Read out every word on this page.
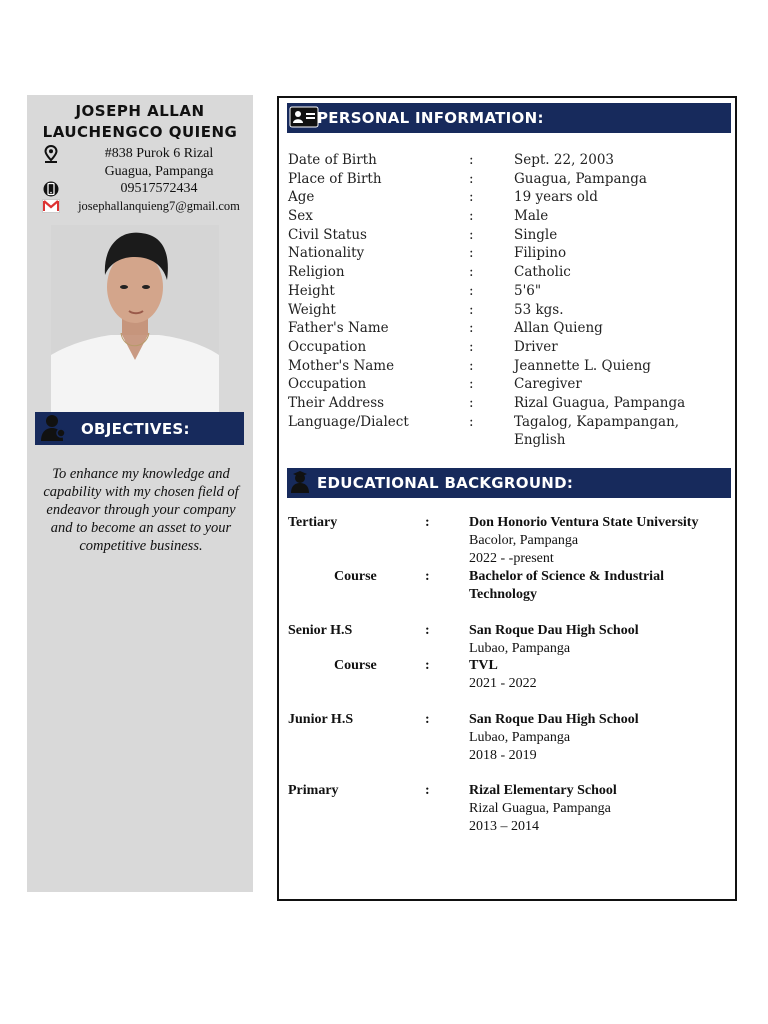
JOSEPH ALLAN
LAUCHENGCO QUIENG
#838 Purok 6 Rizal
Guagua, Pampanga
09517572434
josephallanquieng7@gmail.com
OBJECTIVES:
To enhance my knowledge and capability with my chosen field of endeavor through your company and to become an asset to your competitive business.
PERSONAL INFORMATION:
Date of Birth	:	Sept. 22, 2003
Place of Birth	:	Guagua, Pampanga
Age	:	19 years old
Sex	:	Male
Civil Status	:	Single
Nationality	:	Filipino
Religion	:	Catholic
Height	:	5'6"
Weight	:	53 kgs.
Father's Name	:	Allan Quieng
Occupation	:	Driver
Mother's Name	:	Jeannette L. Quieng
Occupation	:	Caregiver
Their Address	:	Rizal Guagua, Pampanga
Language/Dialect	:	Tagalog, Kapampangan,
English
EDUCATIONAL BACKGROUND:
Tertiary	:	Don Honorio Ventura State University
Bacolor, Pampanga
2022 - -present
Course	:	Bachelor of Science & Industrial
Technology
Senior H.S	:	San Roque Dau High School
Lubao, Pampanga
Course	:	TVL
2021 - 2022
Junior H.S	:	San Roque Dau High School
Lubao, Pampanga
2018 - 2019
Primary	:	Rizal Elementary School
Rizal Guagua, Pampanga
2013 – 2014
